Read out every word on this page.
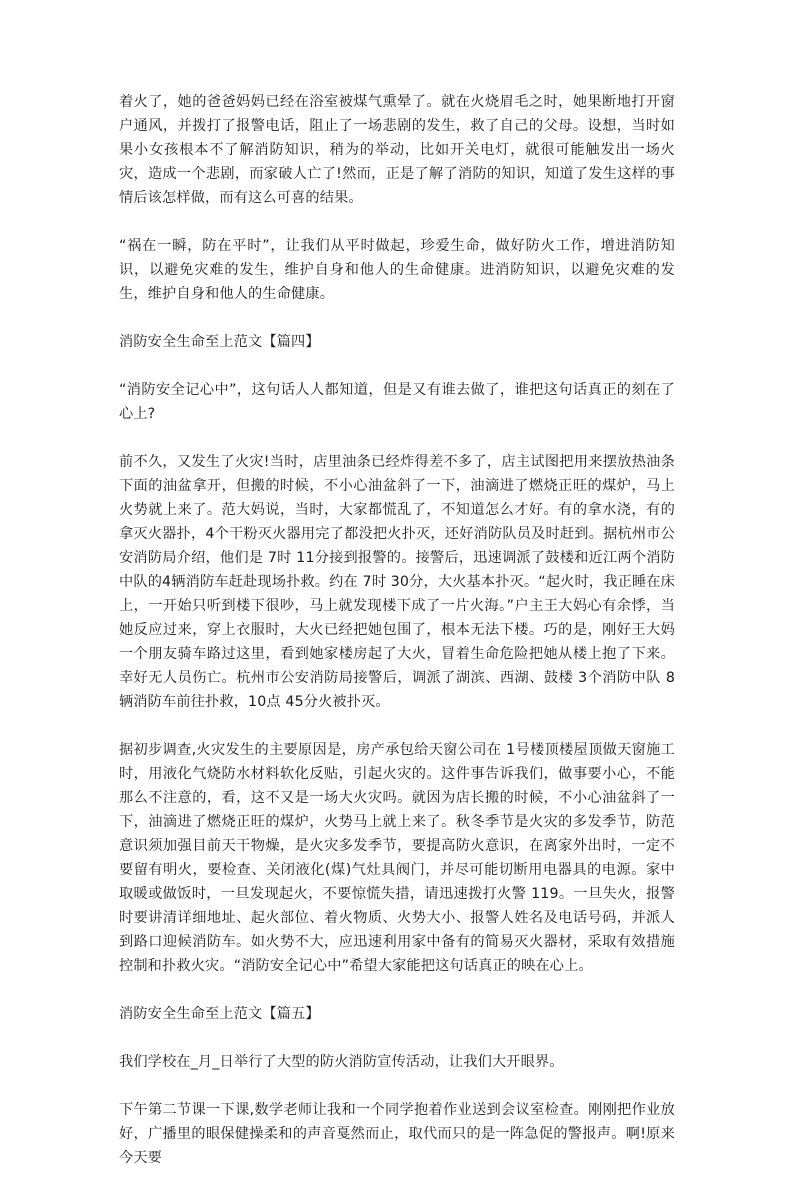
着火了，她的爸爸妈妈已经在浴室被煤气熏晕了。就在火烧眉毛之时，她果断地打开窗户通风，并拨打了报警电话，阻止了一场悲剧的发生，救了自己的父母。设想，当时如果小女孩根本不了解消防知识，稍为的举动，比如开关电灯，就很可能触发出一场火灾，造成一个悲剧，而家破人亡了!然而，正是了解了消防的知识，知道了发生这样的事情后该怎样做，而有这么可喜的结果。

“祸在一瞬，防在平时”，让我们从平时做起，珍爱生命，做好防火工作，增进消防知识，以避免灾难的发生，维护自身和他人的生命健康。进消防知识，以避免灾难的发生，维护自身和他人的生命健康。

消防安全生命至上范文【篇四】

“消防安全记心中”，这句话人人都知道，但是又有谁去做了，谁把这句话真正的刻在了心上?

前不久，又发生了火灾!当时，店里油条已经炸得差不多了，店主试图把用来摆放热油条下面的油盆拿开，但搬的时候，不小心油盆斜了一下，油滴进了燃烧正旺的煤炉，马上火势就上来了。范大妈说，当时，大家都慌乱了，不知道怎么才好。有的拿水浇，有的拿灭火器扑，4个干粉灭火器用完了都没把火扑灭，还好消防队员及时赶到。据杭州市公安消防局介绍，他们是 7时 11分接到报警的。接警后，迅速调派了鼓楼和近江两个消防中队的4辆消防车赶赴现场扑救。约在 7时 30分，大火基本扑灭。“起火时，我正睡在床上，一开始只听到楼下很吵，马上就发现楼下成了一片火海。”户主王大妈心有余悸，当她反应过来，穿上衣服时，大火已经把她包围了，根本无法下楼。巧的是，刚好王大妈一个朋友骑车路过这里，看到她家楼房起了大火，冒着生命危险把她从楼上抱了下来。幸好无人员伤亡。杭州市公安消防局接警后，调派了湖滨、西湖、鼓楼 3个消防中队 8辆消防车前往扑救，10点 45分火被扑灭。

据初步调查,火灾发生的主要原因是，房产承包给天窗公司在 1号楼顶楼屋顶做天窗施工时，用液化气烧防水材料软化反贴，引起火灾的。这件事告诉我们，做事要小心，不能那么不注意的，看，这不又是一场大火灾吗。就因为店长搬的时候，不小心油盆斜了一下，油滴进了燃烧正旺的煤炉，火势马上就上来了。秋冬季节是火灾的多发季节，防范意识须加强目前天干物燥，是火灾多发季节，要提高防火意识，在离家外出时，一定不要留有明火，要检查、关闭液化(煤)气灶具阀门，并尽可能切断用电器具的电源。家中取暖或做饭时，一旦发现起火，不要惊慌失措，请迅速拨打火警 119。一旦失火，报警时要讲清详细地址、起火部位、着火物质、火势大小、报警人姓名及电话号码，并派人到路口迎候消防车。如火势不大，应迅速利用家中备有的简易灭火器材，采取有效措施控制和扑救火灾。“消防安全记心中”希望大家能把这句话真正的映在心上。

消防安全生命至上范文【篇五】

我们学校在_月_日举行了大型的防火消防宣传活动，让我们大开眼界。

下午第二节课一下课,数学老师让我和一个同学抱着作业送到会议室检查。刚刚把作业放好，广播里的眼保健操柔和的声音戛然而止，取代而只的是一阵急促的警报声。啊!原来今天要
